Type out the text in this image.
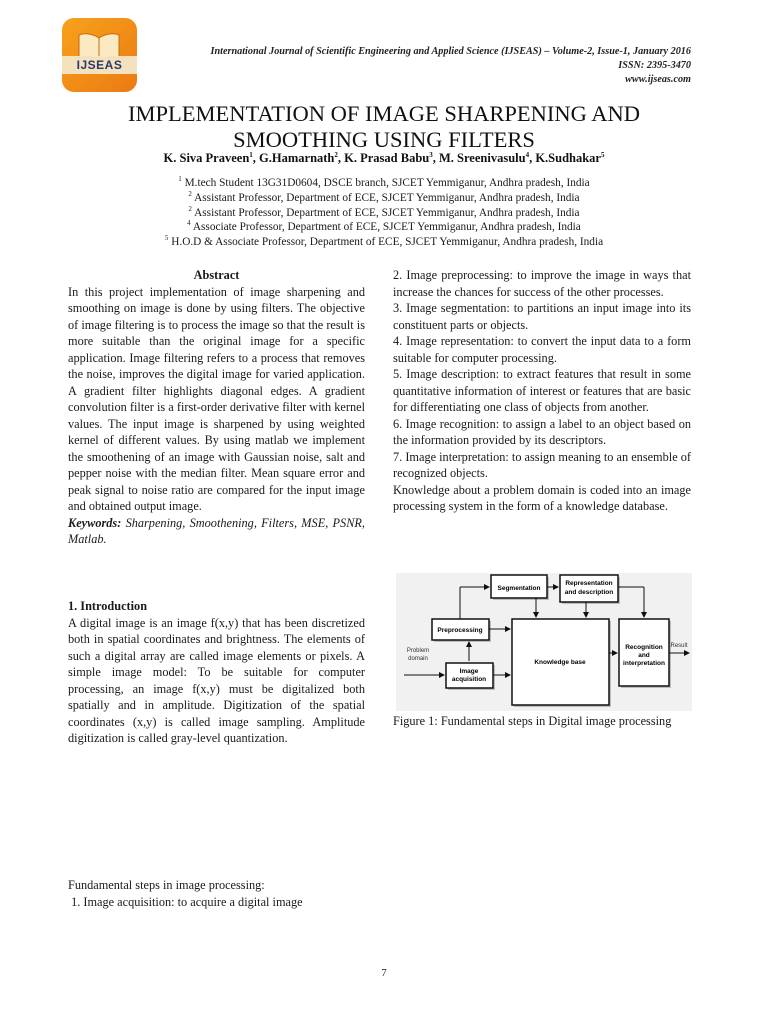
IJSEAS
International Journal of Scientific Engineering and Applied Science (IJSEAS) – Volume-2, Issue-1, January 2016
ISSN: 2395-3470
www.ijseas.com
IMPLEMENTATION OF IMAGE SHARPENING AND
SMOOTHING USING FILTERS
K. Siva Praveen$^1$, G.Hamarnath$^2$, K. Prasad Babu$^3$, M. Sreenivasulu$^4$, K.Sudhakar$^5$
$^1$ M.tech Student 13G31D0604, DSCE branch, SJCET Yemmiganur, Andhra pradesh, India
$^2$ Assistant Professor, Department of ECE, SJCET Yemmiganur, Andhra pradesh, India
$^2$ Assistant Professor, Department of ECE, SJCET Yemmiganur, Andhra pradesh, India
$^4$ Associate Professor, Department of ECE, SJCET Yemmiganur, Andhra pradesh, India
$^5$ H.O.D & Associate Professor, Department of ECE, SJCET Yemmiganur, Andhra pradesh, India
Abstract

In this project implementation of image sharpening and smoothing on image is done by using filters. The objective of image filtering is to process the image so that the result is more suitable than the original image for a specific application. Image filtering refers to a process that removes the noise, improves the digital image for varied application. A gradient filter highlights diagonal edges. A gradient convolution filter is a first-order derivative filter with kernel values. The input image is sharpened by using weighted kernel of different values. By using matlab we implement the smoothening of an image with Gaussian noise, salt and pepper noise with the median filter. Mean square error and peak signal to noise ratio are compared for the input image and obtained output image.

Keywords: Sharpening, Smoothening, Filters, MSE, PSNR, Matlab.

1. Introduction

A digital image is an image f(x,y) that has been discretized both in spatial coordinates and brightness. The elements of such a digital array are called image elements or pixels. A simple image model: To be suitable for computer processing, an image f(x,y) must be digitalized both spatially and in amplitude. Digitization of the spatial coordinates (x,y) is called image sampling. Amplitude digitization is called gray-level quantization.

Fundamental steps in image processing:
1. Image acquisition: to acquire a digital image

2. Image preprocessing: to improve the image in ways that increase the chances for success of the other processes.

3. Image segmentation: to partitions an input image into its constituent parts or objects.

4. Image representation: to convert the input data to a form suitable for computer processing.

5. Image description: to extract features that result in some quantitative information of interest or features that are basic for differentiating one class of objects from another.

6. Image recognition: to assign a label to an object based on the information provided by its descriptors.

7. Image interpretation: to assign meaning to an ensemble of recognized objects.

Knowledge about a problem domain is coded into an image processing system in the form of a knowledge database.

Segmentation
Representation
and description
Preprocessing
Problem
domain
Image
acquisition
Knowledge base
Recognition
and
interpretation
Result
Figure 1: Fundamental steps in Digital image processing
7
